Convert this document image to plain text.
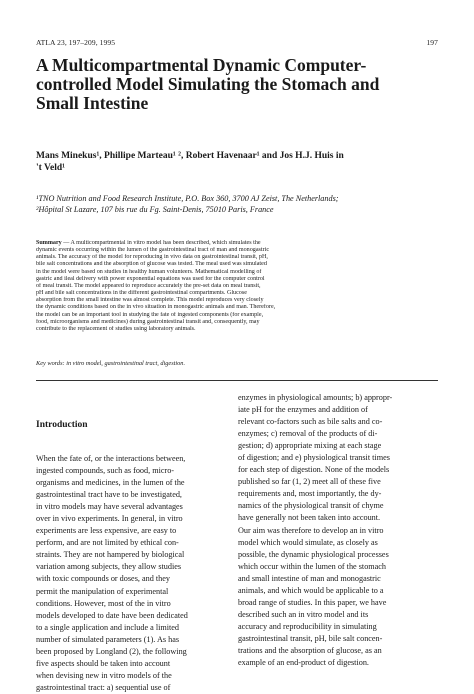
ATLA 23, 197–209, 1995	197
A Multicompartmental Dynamic Computer-
controlled Model Simulating the Stomach and
Small Intestine
Mans Minekus¹, Phillipe Marteau¹ ², Robert Havenaar¹ and Jos H.J. Huis in
't Veld¹
¹TNO Nutrition and Food Research Institute, P.O. Box 360, 3700 AJ Zeist, The Netherlands;
²Hôpital St Lazare, 107 bis rue du Fg. Saint-Denis, 75010 Paris, France
Summary — A multicompartmental in vitro model has been described, which simulates the
dynamic events occurring within the lumen of the gastrointestinal tract of man and monogastric
animals. The accuracy of the model for reproducing in vivo data on gastrointestinal transit, pH,
bile salt concentrations and the absorption of glucose was tested. The meal used was simulated
in the model were based on studies in healthy human volunteers. Mathematical modelling of
gastric and ileal delivery with power exponential equations was used for the computer control
of meal transit. The model appeared to reproduce accurately the pre-set data on meal transit,
pH and bile salt concentrations in the different gastrointestinal compartments. Glucose
absorption from the small intestine was almost complete. This model reproduces very closely
the dynamic conditions based on the in vivo situation in monogastric animals and man. Therefore,
the model can be an important tool in studying the fate of ingested components (for example,
food, microorganisms and medicines) during gastrointestinal transit and, consequently, may
contribute to the replacement of studies using laboratory animals.
Key words: in vitro model, gastrointestinal tract, digestion.
Introduction
When the fate of, or the interactions between,
ingested compounds, such as food, micro-
organisms and medicines, in the lumen of the
gastrointestinal tract have to be investigated,
in vitro models may have several advantages
over in vivo experiments. In general, in vitro
experiments are less expensive, are easy to
perform, and are not limited by ethical con-
straints. They are not hampered by biological
variation among subjects, they allow studies
with toxic compounds or doses, and they
permit the manipulation of experimental
conditions. However, most of the in vitro
models developed to date have been dedicated
to a single application and include a limited
number of simulated parameters (1). As has
been proposed by Longland (2), the following
five aspects should be taken into account
when devising new in vitro models of the
gastrointestinal tract: a) sequential use of
enzymes in physiological amounts; b) appropr-
iate pH for the enzymes and addition of
relevant co-factors such as bile salts and co-
enzymes; c) removal of the products of di-
gestion; d) appropriate mixing at each stage
of digestion; and e) physiological transit times
for each step of digestion. None of the models
published so far (1, 2) meet all of these five
requirements and, most importantly, the dy-
namics of the physiological transit of chyme
have generally not been taken into account.
Our aim was therefore to develop an in vitro
model which would simulate, as closely as
possible, the dynamic physiological processes
which occur within the lumen of the stomach
and small intestine of man and monogastric
animals, and which would be applicable to a
broad range of studies. In this paper, we have
described such an in vitro model and its
accuracy and reproducibility in simulating
gastrointestinal transit, pH, bile salt concen-
trations and the absorption of glucose, as an
example of an end-product of digestion.
